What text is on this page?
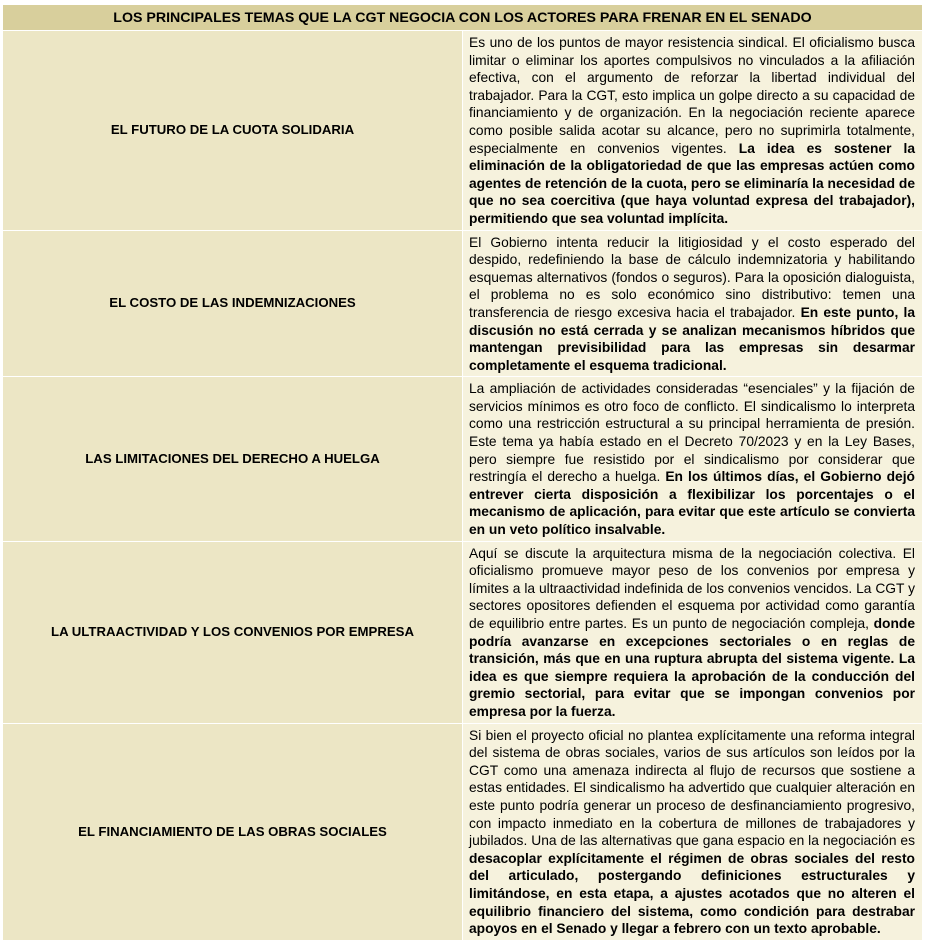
LOS PRINCIPALES TEMAS QUE LA CGT NEGOCIA CON LOS ACTORES PARA FRENAR EN EL SENADO	
EL FUTURO DE LA CUOTA SOLIDARIA	Es uno de los puntos de mayor resistencia sindical. El oficialismo busca limitar o eliminar los aportes compulsivos no vinculados a la afiliación efectiva, con el argumento de reforzar la libertad individual del trabajador. Para la CGT, esto implica un golpe directo a su capacidad de financiamiento y de organización. En la negociación reciente aparece como posible salida acotar su alcance, pero no suprimirla totalmente, especialmente en convenios vigentes. La idea es sostener la eliminación de la obligatoriedad de que las empresas actúen como agentes de retención de la cuota, pero se eliminaría la necesidad de que no sea coercitiva (que haya voluntad expresa del trabajador), permitiendo que sea voluntad implícita.
EL COSTO DE LAS INDEMNIZACIONES	El Gobierno intenta reducir la litigiosidad y el costo esperado del despido, redefiniendo la base de cálculo indemnizatoria y habilitando esquemas alternativos (fondos o seguros). Para la oposición dialoguista, el problema no es solo económico sino distributivo: temen una transferencia de riesgo excesiva hacia el trabajador. En este punto, la discusión no está cerrada y se analizan mecanismos híbridos que mantengan previsibilidad para las empresas sin desarmar completamente el esquema tradicional.
LAS LIMITACIONES DEL DERECHO A HUELGA	La ampliación de actividades consideradas “esenciales” y la fijación de servicios mínimos es otro foco de conflicto. El sindicalismo lo interpreta como una restricción estructural a su principal herramienta de presión. Este tema ya había estado en el Decreto 70/2023 y en la Ley Bases, pero siempre fue resistido por el sindicalismo por considerar que restringía el derecho a huelga. En los últimos días, el Gobierno dejó entrever cierta disposición a flexibilizar los porcentajes o el mecanismo de aplicación, para evitar que este artículo se convierta en un veto político insalvable.
LA ULTRAACTIVIDAD Y LOS CONVENIOS POR EMPRESA	Aquí se discute la arquitectura misma de la negociación colectiva. El oficialismo promueve mayor peso de los convenios por empresa y límites a la ultraactividad indefinida de los convenios vencidos. La CGT y sectores opositores defienden el esquema por actividad como garantía de equilibrio entre partes. Es un punto de negociación compleja, donde podría avanzarse en excepciones sectoriales o en reglas de transición, más que en una ruptura abrupta del sistema vigente. La idea es que siempre requiera la aprobación de la conducción del gremio sectorial, para evitar que se impongan convenios por empresa por la fuerza.
EL FINANCIAMIENTO DE LAS OBRAS SOCIALES	Si bien el proyecto oficial no plantea explícitamente una reforma integral del sistema de obras sociales, varios de sus artículos son leídos por la CGT como una amenaza indirecta al flujo de recursos que sostiene a estas entidades. El sindicalismo ha advertido que cualquier alteración en este punto podría generar un proceso de desfinanciamiento progresivo, con impacto inmediato en la cobertura de millones de trabajadores y jubilados. Una de las alternativas que gana espacio en la negociación es desacoplar explícitamente el régimen de obras sociales del resto del articulado, postergando definiciones estructurales y limitándose, en esta etapa, a ajustes acotados que no alteren el equilibrio financiero del sistema, como condición para destrabar apoyos en el Senado y llegar a febrero con un texto aprobable.
